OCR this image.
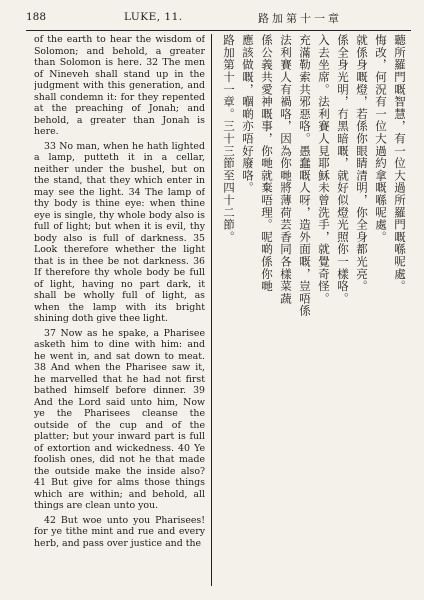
188	LUKE, 11.	路加第十一章

of the earth to hear the wisdom of Solomon; and behold, a greater than Solomon is here. 32 The men of Nineveh shall stand up in the judgment with this generation, and shall condemn it: for they repented at the preaching of Jonah; and behold, a greater than Jonah is here.

33 No man, when he hath lighted a lamp, putteth it in a cellar, neither under the bushel, but on the stand, that they which enter in may see the light. 34 The lamp of thy body is thine eye: when thine eye is single, thy whole body also is full of light; but when it is evil, thy body also is full of darkness. 35 Look therefore whether the light that is in thee be not darkness. 36 If therefore thy whole body be full of light, having no part dark, it shall be wholly full of light, as when the lamp with its bright shining doth give thee light.

37 Now as he spake, a Pharisee asketh him to dine with him: and he went in, and sat down to meat. 38 And when the Pharisee saw it, he marvelled that he had not first bathed himself before dinner. 39 And the Lord said unto him, Now ye the Pharisees cleanse the outside of the cup and of the platter; but your inward part is full of extortion and wickedness. 40 Ye foolish ones, did not he that made the outside make the inside also? 41 But give for alms those things which are within; and behold, all things are clean unto you.

42 But woe unto you Pharisees! for ye tithe mint and rue and every herb, and pass over justice and the

聽所羅門嘅智慧，有一位大過所羅門嘅喺呢處。
悔改，何況有一位大過約拿嘅喺呢處。
就係身嘅燈，若係你眼睛清明，你全身都光亮。
係全身光明，冇黑暗嘅，就好似燈光照你一樣咯。
入去坐席。法利賽人見耶穌未曾洗手，就覺奇怪。
充滿勒索共邪惡咯。愚蠢嘅人呀，造外面嘅，豈唔係
法利賽人有禍咯，因為你哋將薄荷芸香同各樣菜蔬
係公義共愛神嘅事，你哋就棄唔理。呢啲係你哋
應該做嘅，嗰啲亦唔好廢咯。
路加第十一章。三十三節至四十二節。
